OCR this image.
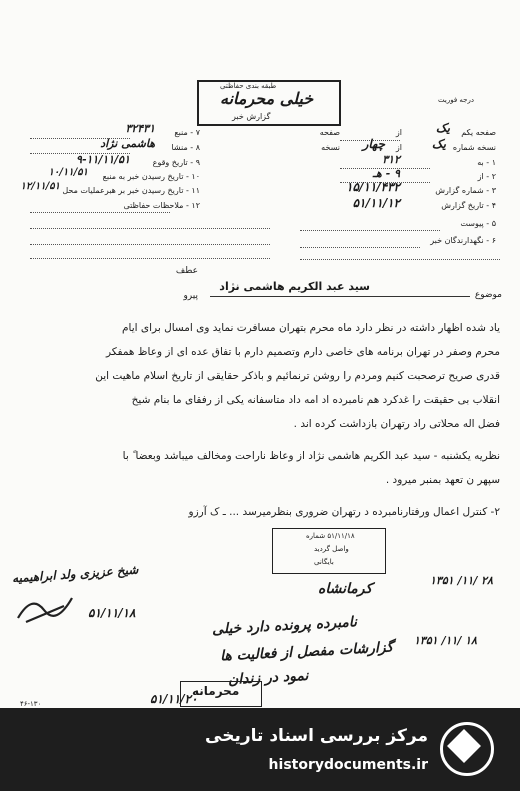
طبقه بندی حفاظتی
خیلی محرمانه
گزارش خبر
درجه فوریت
صفحه یکم
از	یک
صفحه
نسخه شماره
یک
از
چهار
نسخه
۱ - به
۳۱۲
۲ - از
۹ - هـ
۳ - شماره گزارش
۱۵/۱۱/۴۳۲
۴ - تاریخ گزارش
۵۱/۱۱/۱۲
۵ - پیوست
۶ - نگهدارندگان خبر
۷ - منبع
۳۲۴۳۱
۸ - منشا
هاشمی نژاد
۹ - تاریخ وقوع
۹-۱۱/۱۱/۵۱
۱۰ - تاریخ رسیدن خبر به منبع
۱۰/۱۱/۵۱
۱۱ - تاریخ رسیدن خبر بر هبرعملیات محل
۱۲/۱۱/۵۱
۱۲ - ملاحظات حفاظتی
موضوع
سید عبد الکریم هاشمی نژاد
عطف
پیرو
یاد شده اظهار داشته در نظر دارد ماه محرم بتهران مسافرت نماید وی امسال برای ایام
محرم وصفر در تهران برنامه های خاصی دارم وتصمیم دارم با تفاق عده ای از وعاظ همفکر
قدری صریح ترصحبت کنیم ومردم را روشن ترنمائیم و باذکر حقایقی از تاریخ اسلام ماهیت این
انقلاب بی حقیقت را غدکرد هم نامبرده اد امه داد متاسفانه یکی از رفقای ما بنام شیخ
فضل اله محلاتی راد رتهران بازداشت کرده اند .
نظریه یکشنبه - سید عبد الکریم هاشمی نژاد از وعاظ ناراحت ومخالف میباشد وبعضا ً با
سپهر ن تعهد بمنبر میرود .
۲- کنترل اعمال ورفتارنامبرده د رتهران ضروری بنظرمیرسد ... ـ ک آرزو
شیخ عزیزی ولد ابراهیمیه
۵۱/۱۱/۱۸
۵۱/۱۱/۱۸ شماره
واصل گردید
بایگانی
۱۳۵۱ /۱۱/ ۲۸
کرمانشاه
نامبرده پرونده دارد خیلی
گزارشات مفصل از فعالیت ها
نمود در زندان
۱۳۵۱ /۱۱/ ۱۸
محرمانه
۵۱/۱۱/۲۰
۴۶-۱۳۰
مرکز بررسی اسناد تاریخی
historydocuments.ir
